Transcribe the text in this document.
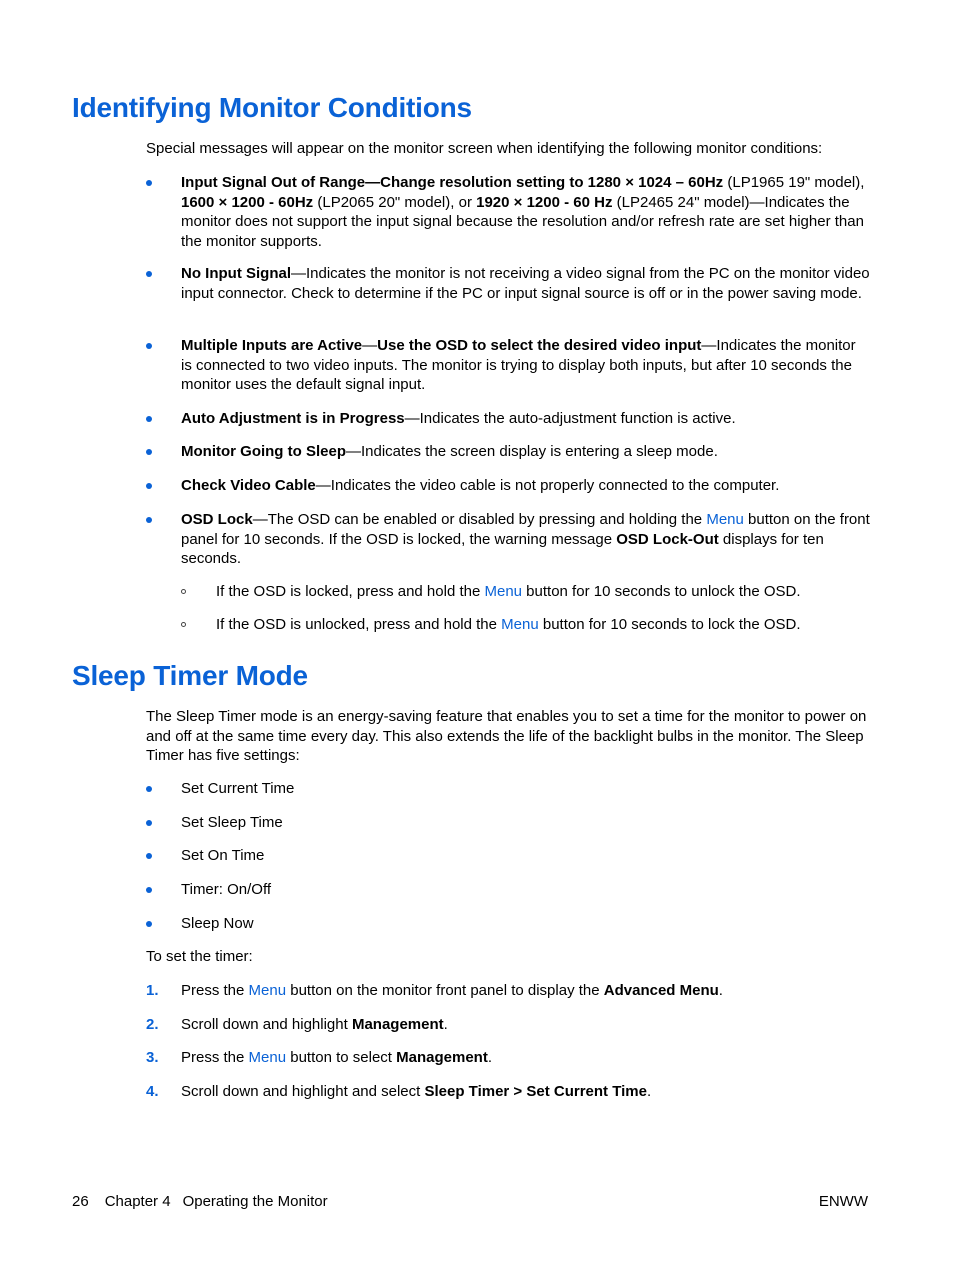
Identifying Monitor Conditions

Special messages will appear on the monitor screen when identifying the following monitor conditions:

Input Signal Out of Range—Change resolution setting to 1280 × 1024 – 60Hz (LP1965 19" model), 1600 × 1200 - 60Hz (LP2065 20" model), or 1920 × 1200 - 60 Hz (LP2465 24" model)—Indicates the monitor does not support the input signal because the resolution and/or refresh rate are set higher than the monitor supports.
No Input Signal—Indicates the monitor is not receiving a video signal from the PC on the monitor video input connector. Check to determine if the PC or input signal source is off or in the power saving mode.
Multiple Inputs are Active—Use the OSD to select the desired video input—Indicates the monitor is connected to two video inputs. The monitor is trying to display both inputs, but after 10 seconds the monitor uses the default signal input.
Auto Adjustment is in Progress—Indicates the auto-adjustment function is active.
Monitor Going to Sleep—Indicates the screen display is entering a sleep mode.
Check Video Cable—Indicates the video cable is not properly connected to the computer.
OSD Lock—The OSD can be enabled or disabled by pressing and holding the Menu button on the front panel for 10 seconds. If the OSD is locked, the warning message OSD Lock-Out displays for ten seconds.
If the OSD is locked, press and hold the Menu button for 10 seconds to unlock the OSD.
If the OSD is unlocked, press and hold the Menu button for 10 seconds to lock the OSD.
Sleep Timer Mode

The Sleep Timer mode is an energy-saving feature that enables you to set a time for the monitor to power on and off at the same time every day. This also extends the life of the backlight bulbs in the monitor. The Sleep Timer has five settings:

Set Current Time
Set Sleep Time
Set On Time
Timer: On/Off
Sleep Now

To set the timer:

1. Press the Menu button on the monitor front panel to display the Advanced Menu.
2. Scroll down and highlight Management.
3. Press the Menu button to select Management.
4. Scroll down and highlight and select Sleep Timer > Set Current Time.
26 Chapter 4 Operating the Monitor	ENWW
